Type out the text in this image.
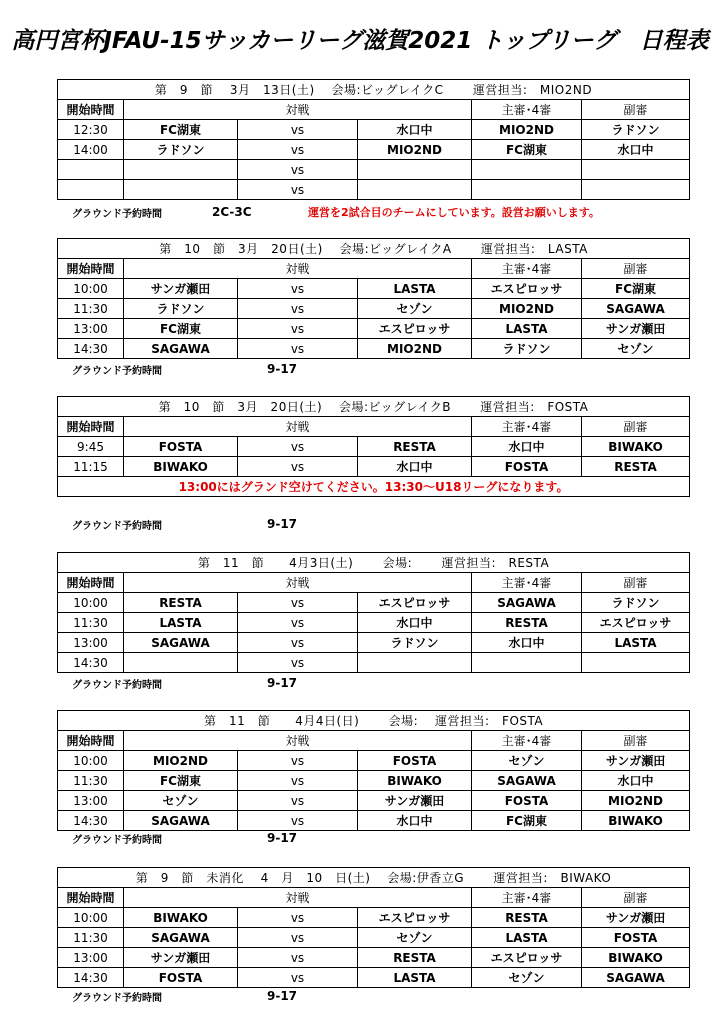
高円宮杯JFAU-15サッカーリーグ滋賀2021 トップリーグ　日程表
第　9　節　 3月　13日(土)　 会場:ビッグレイクC　　 運営担当:　MIO2ND					
開始時間	対戦			主審･4審	副審
12:30	FC湖東	vs	水口中	MIO2ND	ラドソン
14:00	ラドソン	vs	MIO2ND	FC湖東	水口中
		vs			
		vs			
グラウンド予約時間	2C-3C	運営を2試合目のチームにしています。設営お願いします。
第　10　節　3月　20日(土)　 会場:ビッグレイクA　　 運営担当:　LASTA					
開始時間	対戦			主審･4審	副審
10:00	サンガ瀬田	vs	LASTA	エスピロッサ	FC湖東
11:30	ラドソン	vs	セゾン	MIO2ND	SAGAWA
13:00	FC湖東	vs	エスピロッサ	LASTA	サンガ瀬田
14:30	SAGAWA	vs	MIO2ND	ラドソン	セゾン
グラウンド予約時間	9-17
第　10　節　3月　20日(土)　 会場:ビッグレイクB　　 運営担当:　FOSTA					
開始時間	対戦			主審･4審	副審
9:45	FOSTA	vs	RESTA	水口中	BIWAKO
11:15	BIWAKO	vs	水口中	FOSTA	RESTA
13:00にはグランド空けてください。13:30～U18リーグになります。					
グラウンド予約時間	9-17
第　11　節　　4月3日(土)　　 会場:　　 運営担当:　RESTA					
開始時間	対戦			主審･4審	副審
10:00	RESTA	vs	エスピロッサ	SAGAWA	ラドソン
11:30	LASTA	vs	水口中	RESTA	エスピロッサ
13:00	SAGAWA	vs	ラドソン	水口中	LASTA
14:30		vs			
グラウンド予約時間	9-17
第　11　節　　4月4日(日)　　 会場:　 運営担当:　FOSTA					
開始時間	対戦			主審･4審	副審
10:00	MIO2ND	vs	FOSTA	セゾン	サンガ瀬田
11:30	FC湖東	vs	BIWAKO	SAGAWA	水口中
13:00	セゾン	vs	サンガ瀬田	FOSTA	MIO2ND
14:30	SAGAWA	vs	水口中	FC湖東	BIWAKO
グラウンド予約時間	9-17
第　9　節　未消化　 4　月　10　日(土)　 会場:伊香立G　　 運営担当:　BIWAKO					
開始時間	対戦			主審･4審	副審
10:00	BIWAKO	vs	エスピロッサ	RESTA	サンガ瀬田
11:30	SAGAWA	vs	セゾン	LASTA	FOSTA
13:00	サンガ瀬田	vs	RESTA	エスピロッサ	BIWAKO
14:30	FOSTA	vs	LASTA	セゾン	SAGAWA
グラウンド予約時間	9-17
